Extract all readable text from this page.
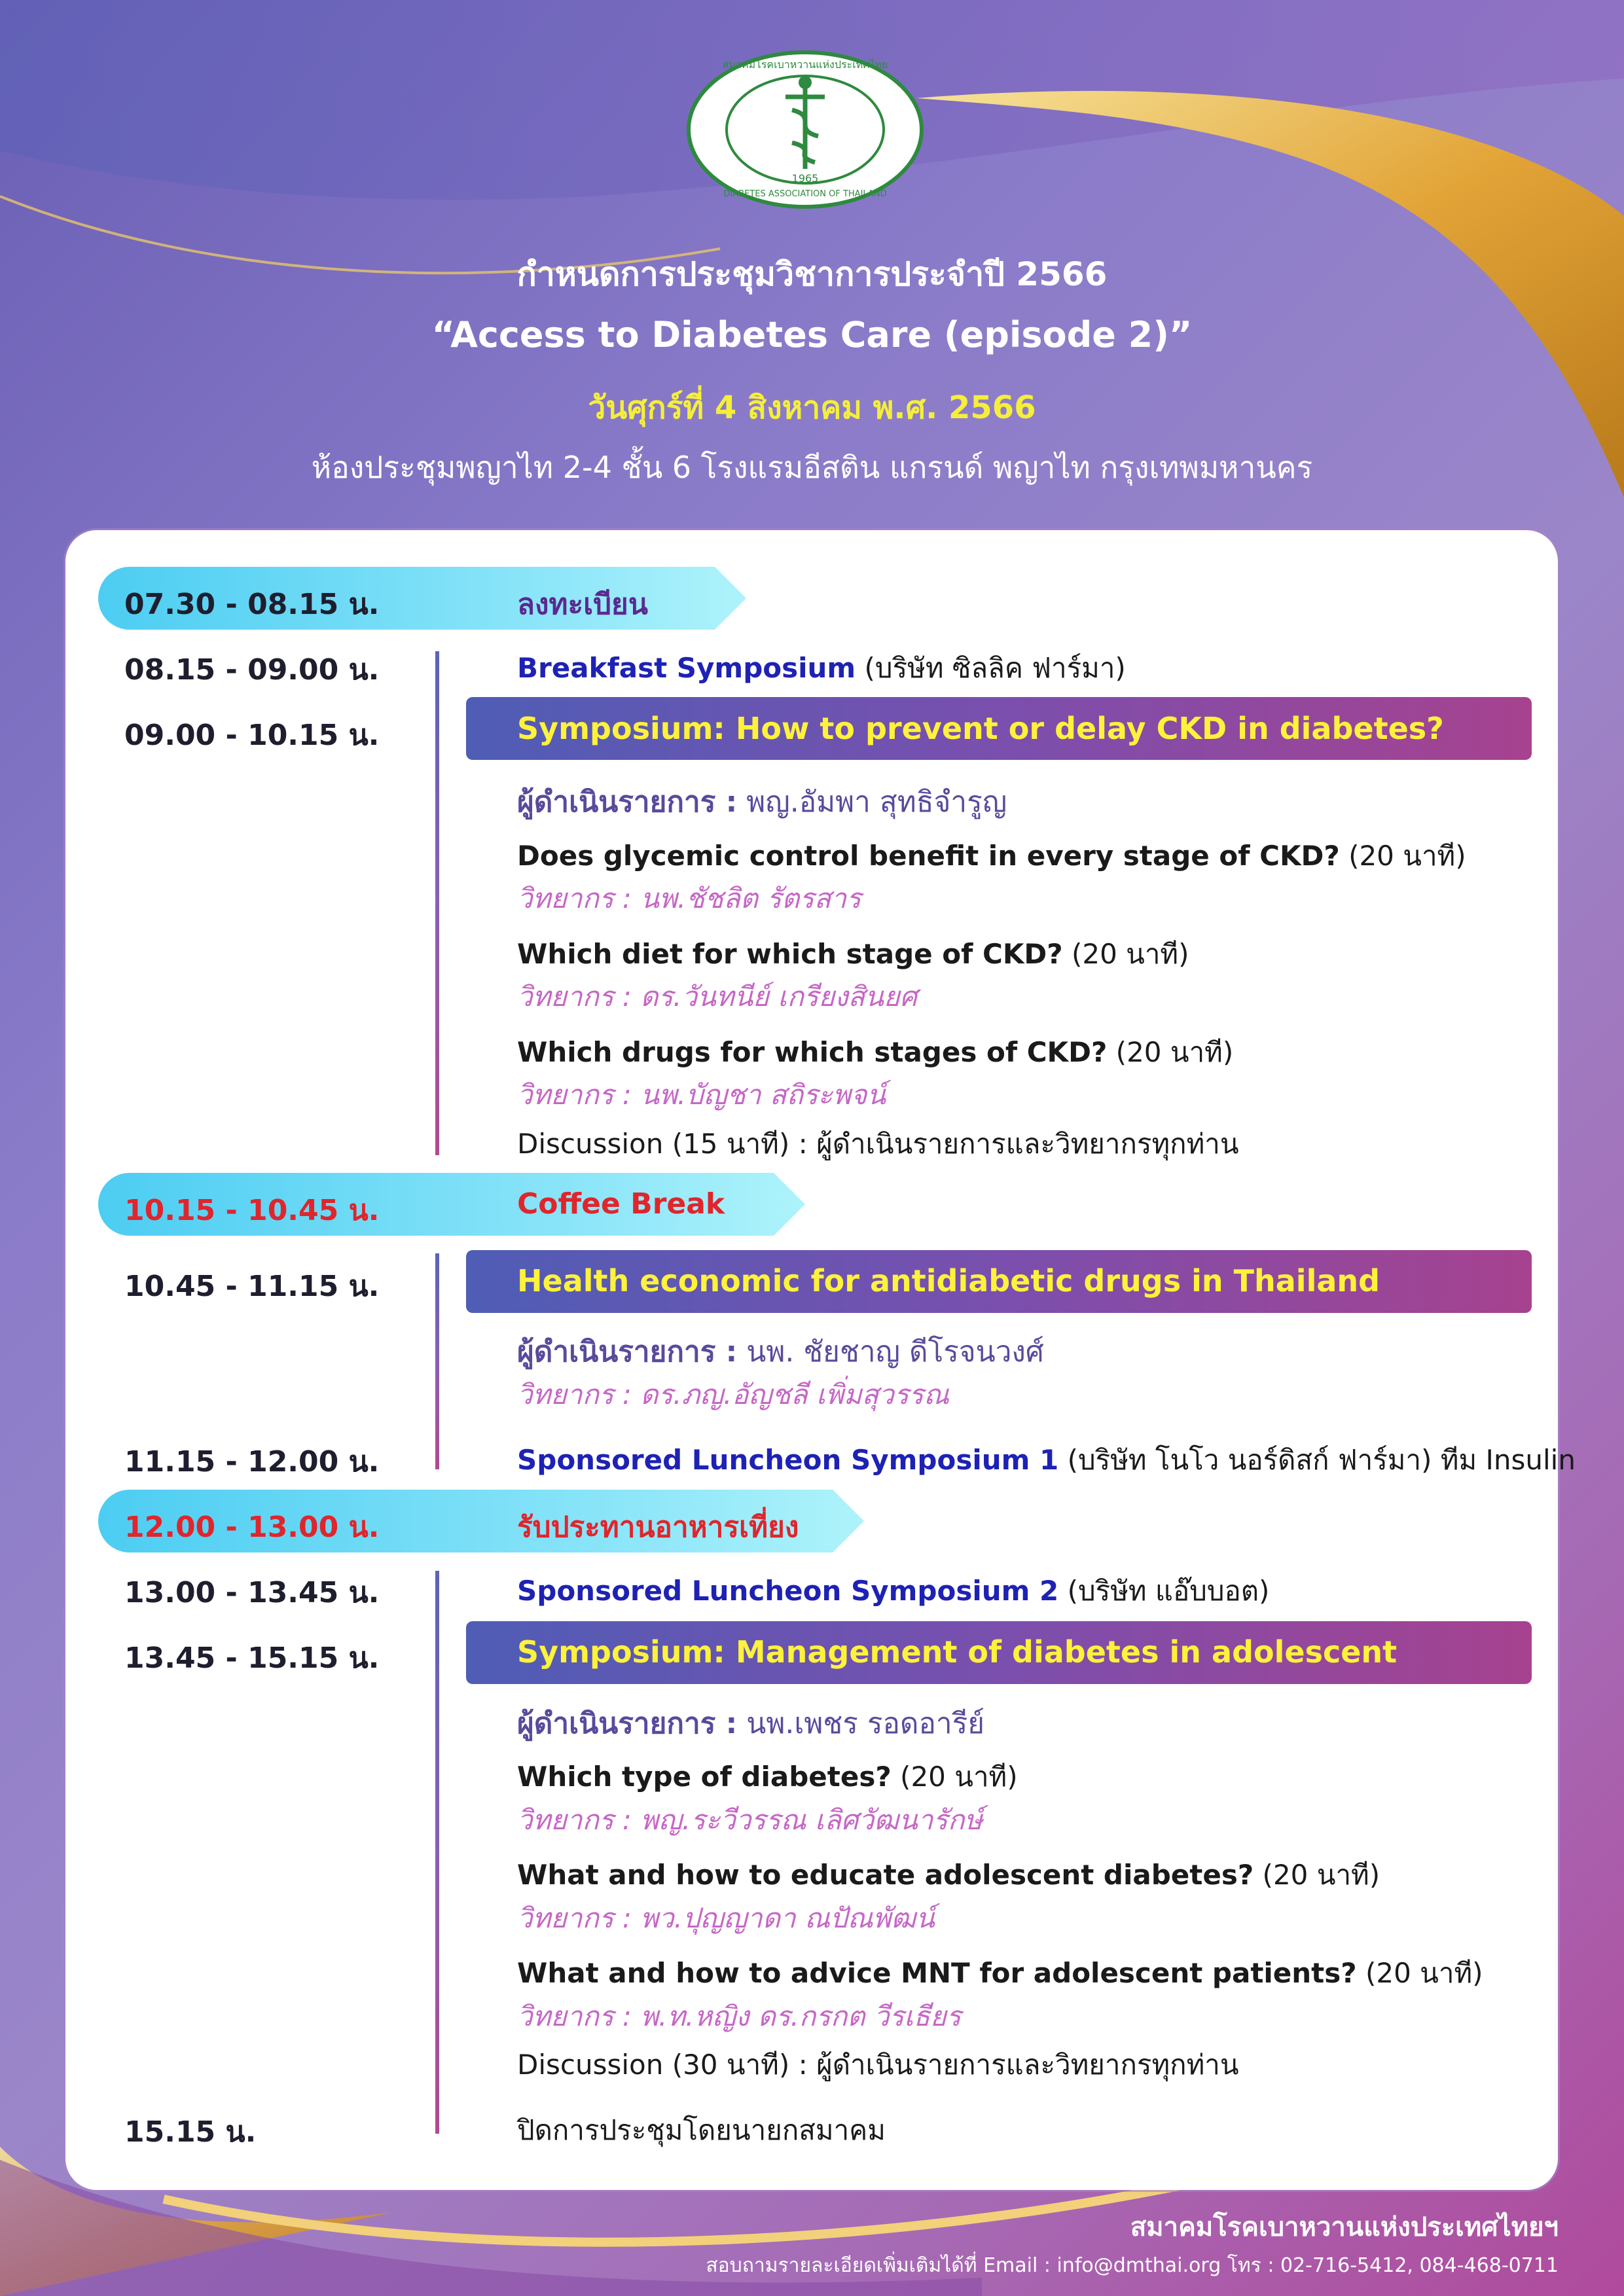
1965
สมาคมโรคเบาหวานแห่งประเทศไทย
DIABETES ASSOCIATION OF THAILAND
กำหนดการประชุมวิชาการประจำปี 2566
“Access to Diabetes Care (episode 2)”
วันศุกร์ที่ 4 สิงหาคม พ.ศ. 2566
ห้องประชุมพญาไท 2-4 ชั้น 6 โรงแรมอีสติน แกรนด์ พญาไท กรุงเทพมหานคร
07.30 - 08.15 น.	ลงทะเบียน
08.15 - 09.00 น.	Breakfast Symposium (บริษัท ซิลลิค ฟาร์มา)
09.00 - 10.15 น.	Symposium: How to prevent or delay CKD in diabetes?
ผู้ดำเนินรายการ : พญ.อัมพา สุทธิจำรูญ
Does glycemic control benefit in every stage of CKD? (20 นาที)
วิทยากร : นพ.ชัชลิต รัตรสาร
Which diet for which stage of CKD? (20 นาที)
วิทยากร : ดร.วันทนีย์ เกรียงสินยศ
Which drugs for which stages of CKD? (20 นาที)
วิทยากร : นพ.บัญชา สถิระพจน์
Discussion (15 นาที) : ผู้ดำเนินรายการและวิทยากรทุกท่าน
10.15 - 10.45 น.	Coffee Break
10.45 - 11.15 น.	Health economic for antidiabetic drugs in Thailand
ผู้ดำเนินรายการ : นพ. ชัยชาญ ดีโรจนวงศ์
วิทยากร : ดร.ภญ.อัญชลี เพิ่มสุวรรณ
11.15 - 12.00 น.	Sponsored Luncheon Symposium 1 (บริษัท โนโว นอร์ดิสก์ ฟาร์มา) ทีม Insulin
12.00 - 13.00 น.	รับประทานอาหารเที่ยง
13.00 - 13.45 น.	Sponsored Luncheon Symposium 2 (บริษัท แอ๊บบอต)
13.45 - 15.15 น.	Symposium: Management of diabetes in adolescent
ผู้ดำเนินรายการ : นพ.เพชร รอดอารีย์
Which type of diabetes? (20 นาที)
วิทยากร : พญ.ระวีวรรณ เลิศวัฒนารักษ์
What and how to educate adolescent diabetes? (20 นาที)
วิทยากร : พว.ปุญญาดา ณปัณพัฒน์
What and how to advice MNT for adolescent patients? (20 นาที)
วิทยากร : พ.ท.หญิง ดร.กรกต วีรเธียร
Discussion (30 นาที) : ผู้ดำเนินรายการและวิทยากรทุกท่าน
15.15 น.	ปิดการประชุมโดยนายกสมาคม
สมาคมโรคเบาหวานแห่งประเทศไทยฯ
สอบถามรายละเอียดเพิ่มเติมได้ที่ Email : info@dmthai.org โทร : 02-716-5412, 084-468-0711
